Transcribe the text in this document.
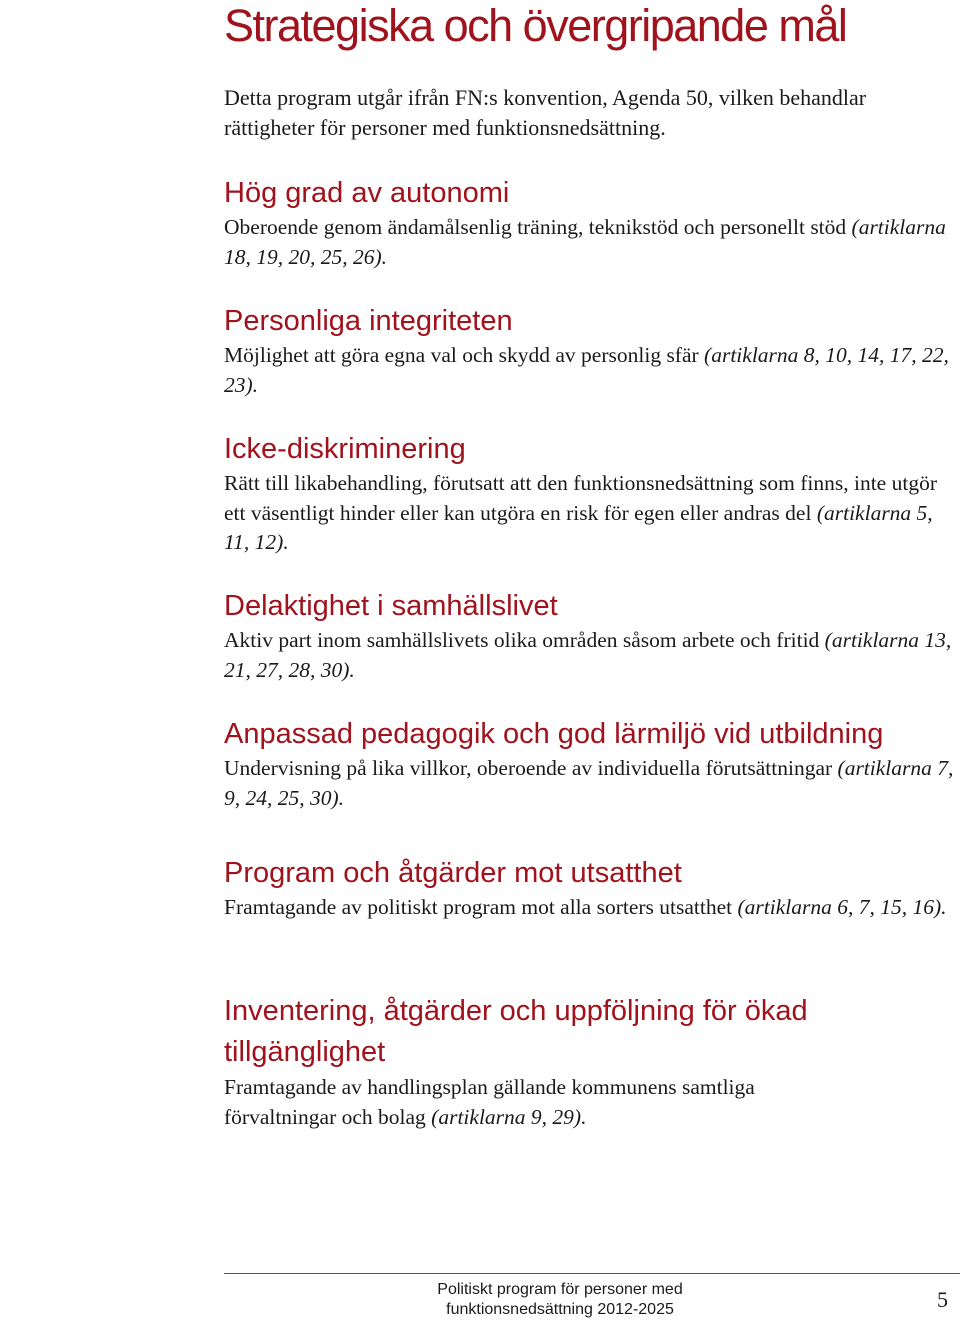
Strategiska och övergripande mål

Detta program utgår ifrån FN:s konvention, Agenda 50, vilken behandlar rättigheter för personer med funktionsnedsättning.

Hög grad av autonomi

Oberoende genom ändamålsenlig träning, teknikstöd och personellt stöd (artiklarna 18, 19, 20, 25, 26).

Personliga integriteten

Möjlighet att göra egna val och skydd av personlig sfär (artiklarna 8, 10, 14, 17, 22, 23).

Icke-diskriminering

Rätt till likabehandling, förutsatt att den funktionsnedsättning som finns, inte utgör ett väsentligt hinder eller kan utgöra en risk för egen eller andras del (artiklarna 5, 11, 12).

Delaktighet i samhällslivet

Aktiv part inom samhällslivets olika områden såsom arbete och fritid (artiklarna 13, 21, 27, 28, 30).

Anpassad pedagogik och god lärmiljö vid utbildning

Undervisning på lika villkor, oberoende av individuella förutsättningar (artiklarna 7, 9, 24, 25, 30).

Program och åtgärder mot utsatthet

Framtagande av politiskt program mot alla sorters utsatthet (artiklarna 6, 7, 15, 16).

Inventering, åtgärder och uppföljning för ökad tillgänglighet

Framtagande av handlingsplan gällande kommunens samtliga förvaltningar och bolag (artiklarna 9, 29).

Politiskt program för personer med
funktionsnedsättning 2012-2025	5
